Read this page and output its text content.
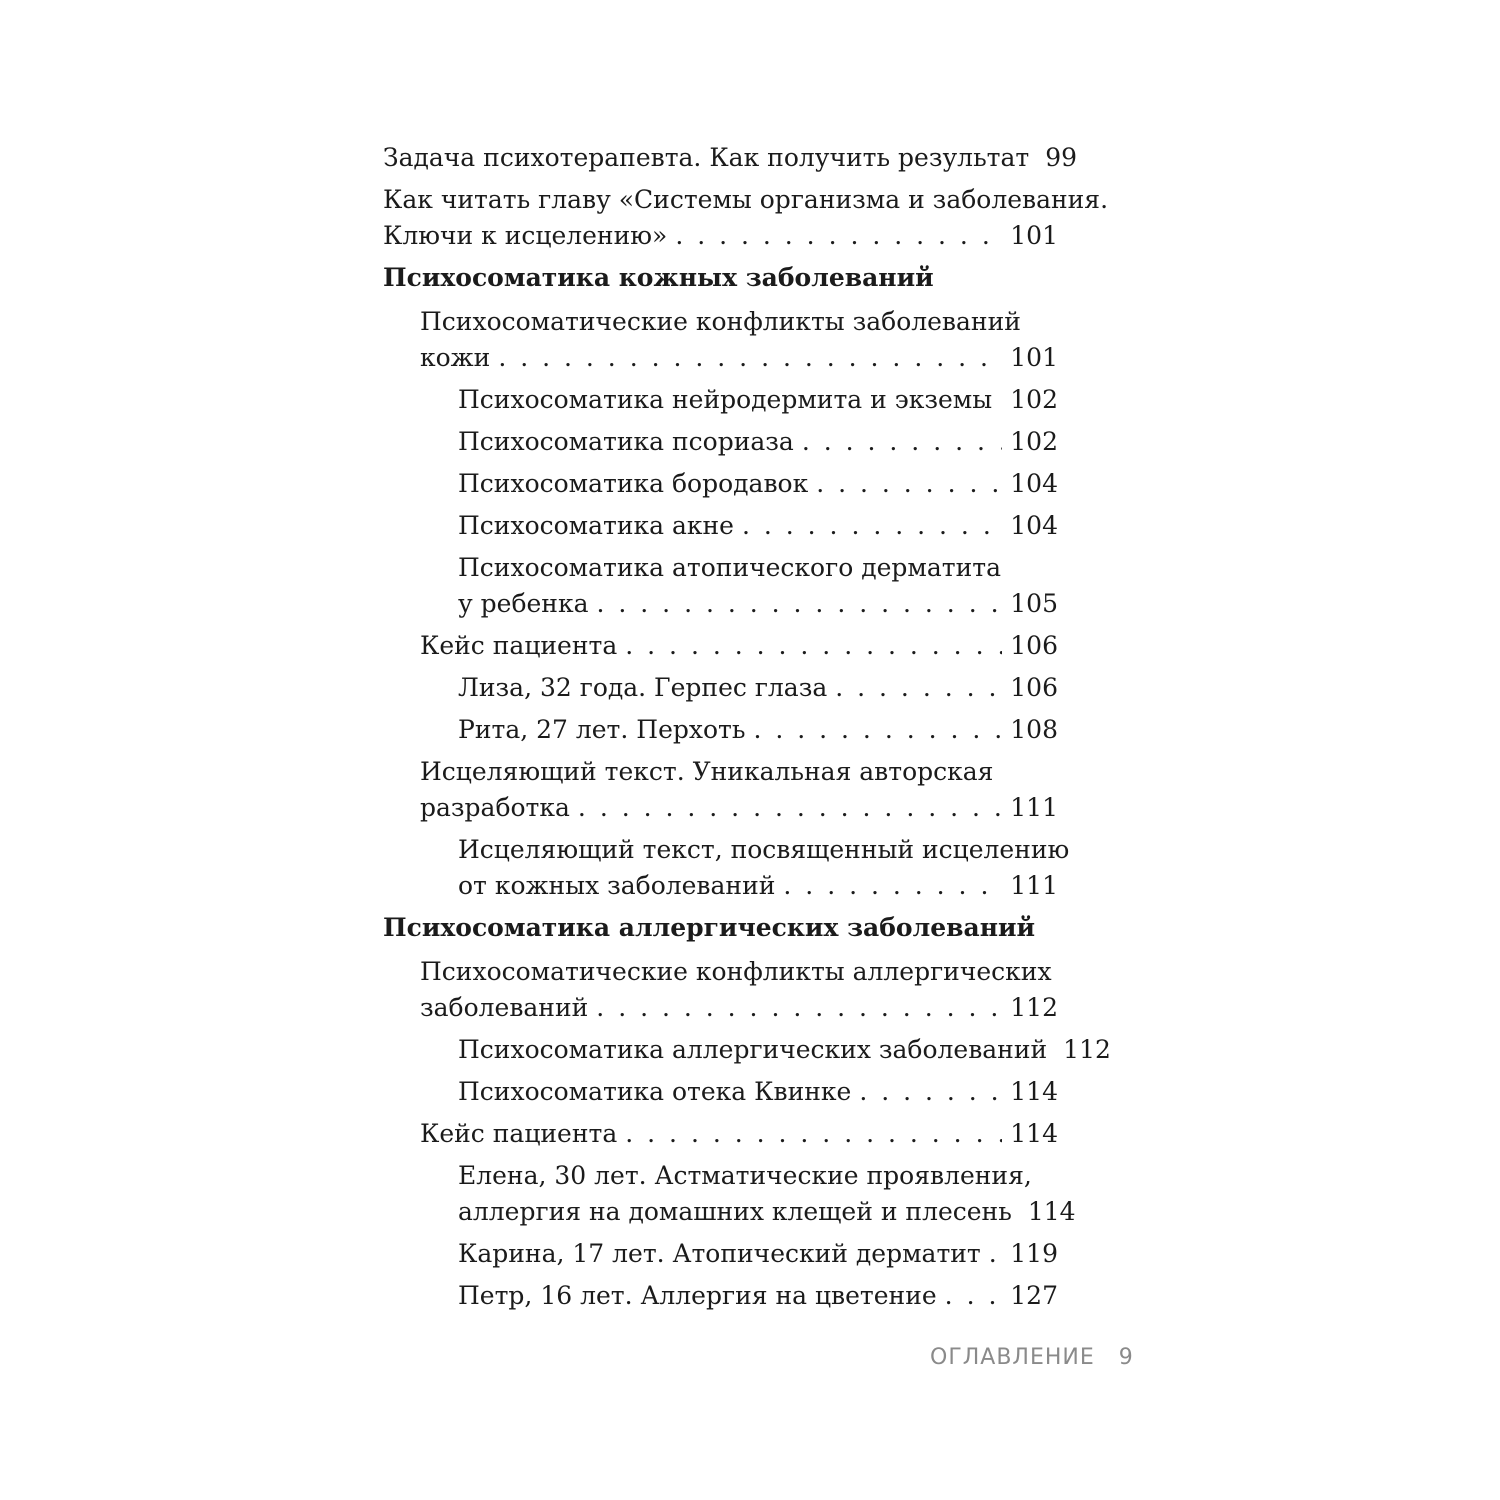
Задача психотерапевта. Как получить результат 99
Как читать главу «Системы организма и заболевания.
Ключи к исцелению» . . .	101
Психосоматика кожных заболеваний
Психосоматические конфликты заболеваний
кожи . . .	101
Психосоматика нейродермита и экземы . . . 102
Психосоматика псориаза . . .	102
Психосоматика бородавок . . .	104
Психосоматика акне . . .	104
Психосоматика атопического дерматита
у ребенка . . .	105
Кейс пациента . . .	106
Лиза, 32 года. Герпес глаза . . .	106
Рита, 27 лет. Перхоть . . .	108
Исцеляющий текст. Уникальная авторская
разработка . . .	111
Исцеляющий текст, посвященный исцелению
от кожных заболеваний . . .	111
Психосоматика аллергических заболеваний
Психосоматические конфликты аллергических
заболеваний . . .	112
Психосоматика аллергических заболеваний 112
Психосоматика отека Квинке . . .	114
Кейс пациента . . .	114
Елена, 30 лет. Астматические проявления,
аллергия на домашних клещей и плесень 114
Карина, 17 лет. Атопический дерматит . . . 119
Петр, 16 лет. Аллергия на цветение . . .	127
ОГЛАВЛЕНИЕ 9
